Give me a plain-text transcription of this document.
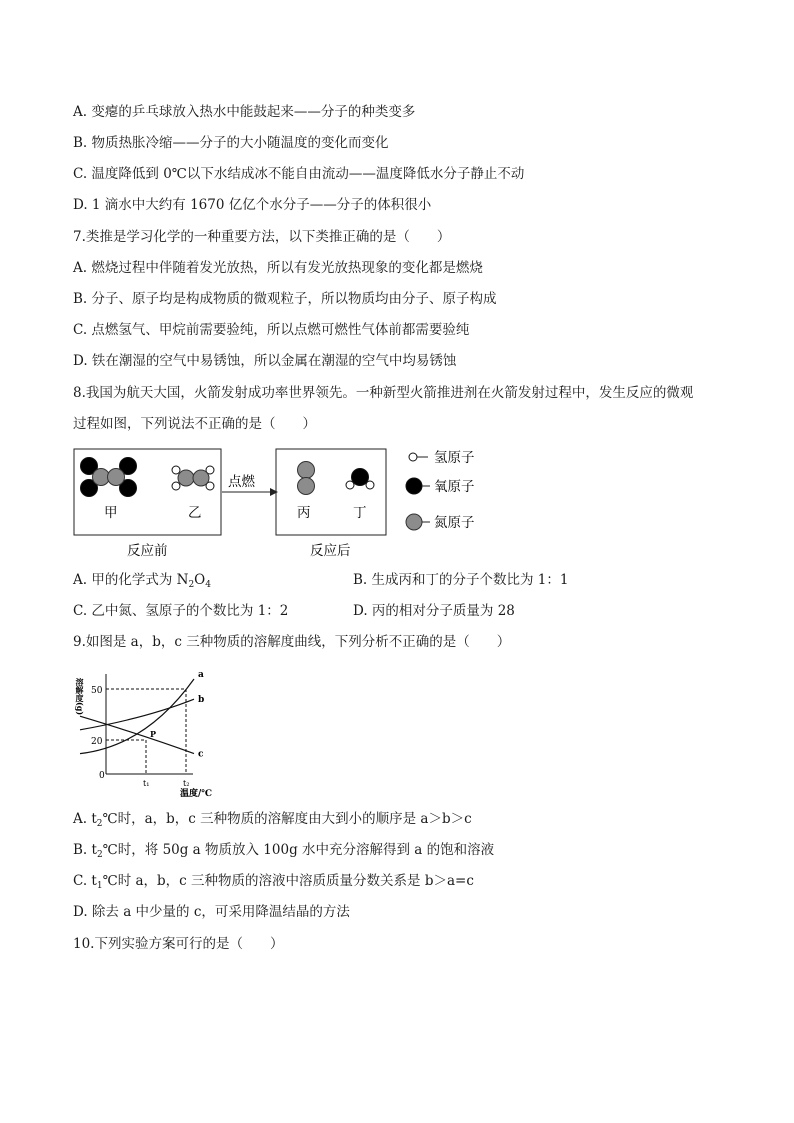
A. 变瘪的乒乓球放入热水中能鼓起来——分子的种类变多
B. 物质热胀冷缩——分子的大小随温度的变化而变化
C. 温度降低到 0℃以下水结成冰不能自由流动——温度降低水分子静止不动
D. 1 滴水中大约有 1670 亿亿个水分子——分子的体积很小
7.类推是学习化学的一种重要方法，以下类推正确的是（　　）
A. 燃烧过程中伴随着发光放热，所以有发光放热现象的变化都是燃烧
B. 分子、原子均是构成物质的微观粒子，所以物质均由分子、原子构成
C. 点燃氢气、甲烷前需要验纯，所以点燃可燃性气体前都需要验纯
D. 铁在潮湿的空气中易锈蚀，所以金属在潮湿的空气中均易锈蚀
8.我国为航天大国，火箭发射成功率世界领先。一种新型火箭推进剂在火箭发射过程中，发生反应的微观
过程如图，下列说法不正确的是（　　）
甲	乙
点燃
丙	丁
反应前	反应后
氢原子
氧原子
氮原子
A. 甲的化学式为 $N_2O_4$	B. 生成丙和丁的分子个数比为 1：1
C. 乙中氮、氢原子的个数比为 1：2	D. 丙的相对分子质量为 28
9.如图是 a，b，c 三种物质的溶解度曲线，下列分析不正确的是（　　）
溶解度(g)
温度/℃
50
20
0
t₁	t₂
a
b
c
P
A. $t_2℃$时，a，b，c 三种物质的溶解度由大到小的顺序是 a＞b＞c
B. $t_2℃$时，将 50g a 物质放入 100g 水中充分溶解得到 a 的饱和溶液
C. $t_1℃$时 a，b，c 三种物质的溶液中溶质质量分数关系是 b＞a=c
D. 除去 a 中少量的 c，可采用降温结晶的方法
10.下列实验方案可行的是（　　）
